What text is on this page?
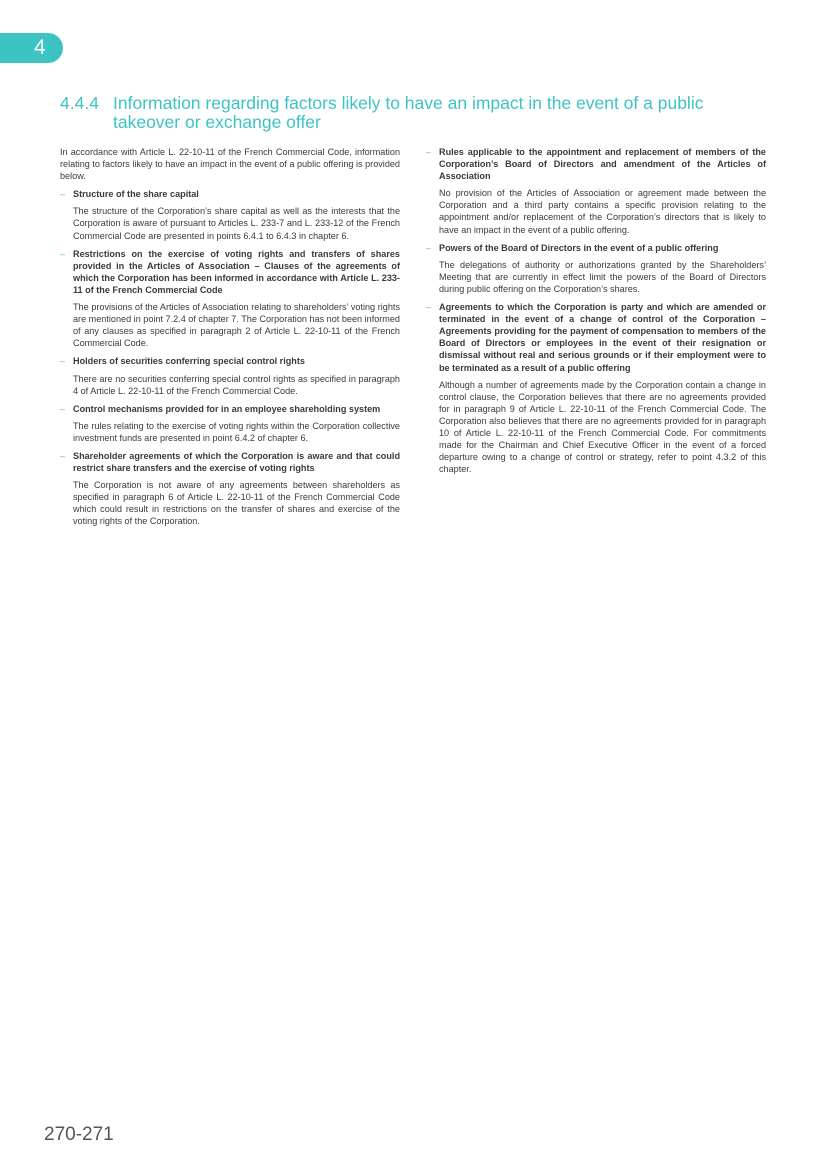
4
4.4.4 Information regarding factors likely to have an impact in the event of a public
takeover or exchange offer

In accordance with Article L. 22-10-11 of the French Commercial Code, information relating to factors likely to have an impact in the event of a public offering is provided below.

– Structure of the share capital

The structure of the Corporation’s share capital as well as the interests that the Corporation is aware of pursuant to Articles L. 233-7 and L. 233-12 of the French Commercial Code are presented in points 6.4.1 to 6.4.3 in chapter 6.

– Restrictions on the exercise of voting rights and transfers of shares provided in the Articles of Association – Clauses of the agreements of which the Corporation has been informed in accordance with Article L. 233-11 of the French Commercial Code

The provisions of the Articles of Association relating to shareholders’ voting rights are mentioned in point 7.2.4 of chapter 7. The Corporation has not been informed of any clauses as specified in paragraph 2 of Article L. 22-10-11 of the French Commercial Code.

– Holders of securities conferring special control rights

There are no securities conferring special control rights as specified in paragraph 4 of Article L. 22-10-11 of the French Commercial Code.

– Control mechanisms provided for in an employee shareholding system

The rules relating to the exercise of voting rights within the Corporation collective investment funds are presented in point 6.4.2 of chapter 6.

– Shareholder agreements of which the Corporation is aware and that could restrict share transfers and the exercise of voting rights

The Corporation is not aware of any agreements between shareholders as specified in paragraph 6 of Article L. 22-10-11 of the French Commercial Code which could result in restrictions on the transfer of shares and exercise of the voting rights of the Corporation.

– Rules applicable to the appointment and replacement of members of the Corporation’s Board of Directors and amendment of the Articles of Association

No provision of the Articles of Association or agreement made between the Corporation and a third party contains a specific provision relating to the appointment and/or replacement of the Corporation’s directors that is likely to have an impact in the event of a public offering.

– Powers of the Board of Directors in the event of a public offering

The delegations of authority or authorizations granted by the Shareholders’ Meeting that are currently in effect limit the powers of the Board of Directors during public offering on the Corporation’s shares.

– Agreements to which the Corporation is party and which are amended or terminated in the event of a change of control of the Corporation – Agreements providing for the payment of compensation to members of the Board of Directors or employees in the event of their resignation or dismissal without real and serious grounds or if their employment were to be terminated as a result of a public offering

Although a number of agreements made by the Corporation contain a change in control clause, the Corporation believes that there are no agreements provided for in paragraph 9 of Article L. 22-10-11 of the French Commercial Code. The Corporation also believes that there are no agreements provided for in paragraph 10 of Article L. 22-10-11 of the French Commercial Code. For commitments made for the Chairman and Chief Executive Officer in the event of a forced departure owing to a change of control or strategy, refer to point 4.3.2 of this chapter.

270-271
